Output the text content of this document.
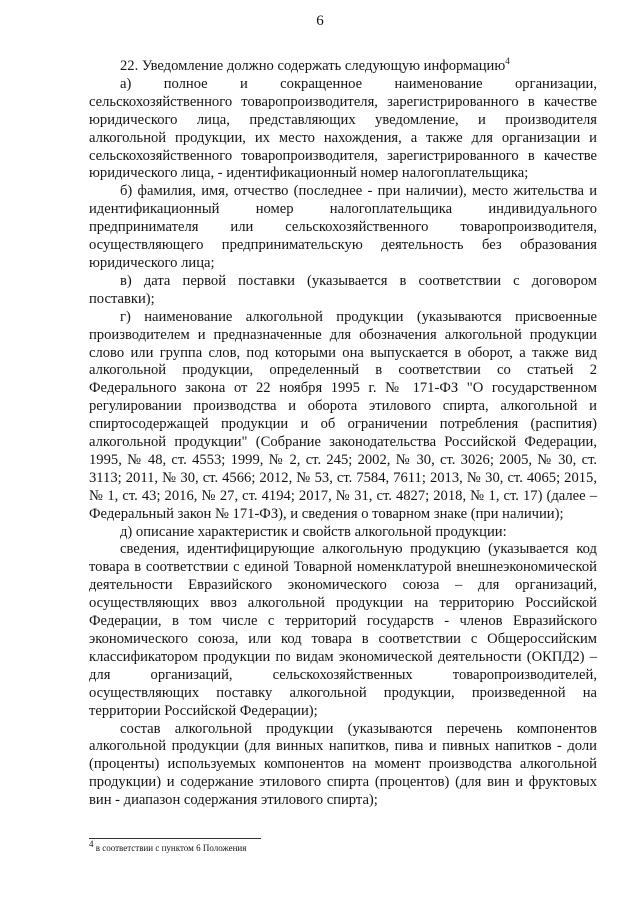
6

22. Уведомление должно содержать следующую информацию$^4$

а) полное и сокращенное наименование организации, сельскохозяйственного товаропроизводителя, зарегистрированного в качестве юридического лица, представляющих уведомление, и производителя алкогольной продукции, их место нахождения, а также для организации и сельскохозяйственного товаропроизводителя, зарегистрированного в качестве юридического лица, - идентификационный номер налогоплательщика;

б) фамилия, имя, отчество (последнее - при наличии), место жительства и идентификационный номер налогоплательщика индивидуального предпринимателя или сельскохозяйственного товаропроизводителя, осуществляющего предпринимательскую деятельность без образования юридического лица;

в) дата первой поставки (указывается в соответствии с договором поставки);

г) наименование алкогольной продукции (указываются присвоенные производителем и предназначенные для обозначения алкогольной продукции слово или группа слов, под которыми она выпускается в оборот, а также вид алкогольной продукции, определенный в соответствии со статьей 2 Федерального закона от 22 ноября 1995 г. № 171-ФЗ "О государственном регулировании производства и оборота этилового спирта, алкогольной и спиртосодержащей продукции и об ограничении потребления (распития) алкогольной продукции" (Собрание законодательства Российской Федерации, 1995, № 48, ст. 4553; 1999, № 2, ст. 245; 2002, № 30, ст. 3026; 2005, № 30, ст. 3113; 2011, № 30, ст. 4566; 2012, № 53, ст. 7584, 7611; 2013, № 30, ст. 4065; 2015, № 1, ст. 43; 2016, № 27, ст. 4194; 2017, № 31, ст. 4827; 2018, № 1, ст. 17) (далее – Федеральный закон № 171-ФЗ), и сведения о товарном знаке (при наличии);

д) описание характеристик и свойств алкогольной продукции:

сведения, идентифицирующие алкогольную продукцию (указывается код товара в соответствии с единой Товарной номенклатурой внешнеэкономической деятельности Евразийского экономического союза – для организаций, осуществляющих ввоз алкогольной продукции на территорию Российской Федерации, в том числе с территорий государств - членов Евразийского экономического союза, или код товара в соответствии с Общероссийским классификатором продукции по видам экономической деятельности (ОКПД2) – для организаций, сельскохозяйственных товаропроизводителей, осуществляющих поставку алкогольной продукции, произведенной на территории Российской Федерации);

состав алкогольной продукции (указываются перечень компонентов алкогольной продукции (для винных напитков, пива и пивных напитков - доли (проценты) используемых компонентов на момент производства алкогольной продукции) и содержание этилового спирта (процентов) (для вин и фруктовых вин - диапазон содержания этилового спирта);

$^4$ в соответствии с пунктом 6 Положения
